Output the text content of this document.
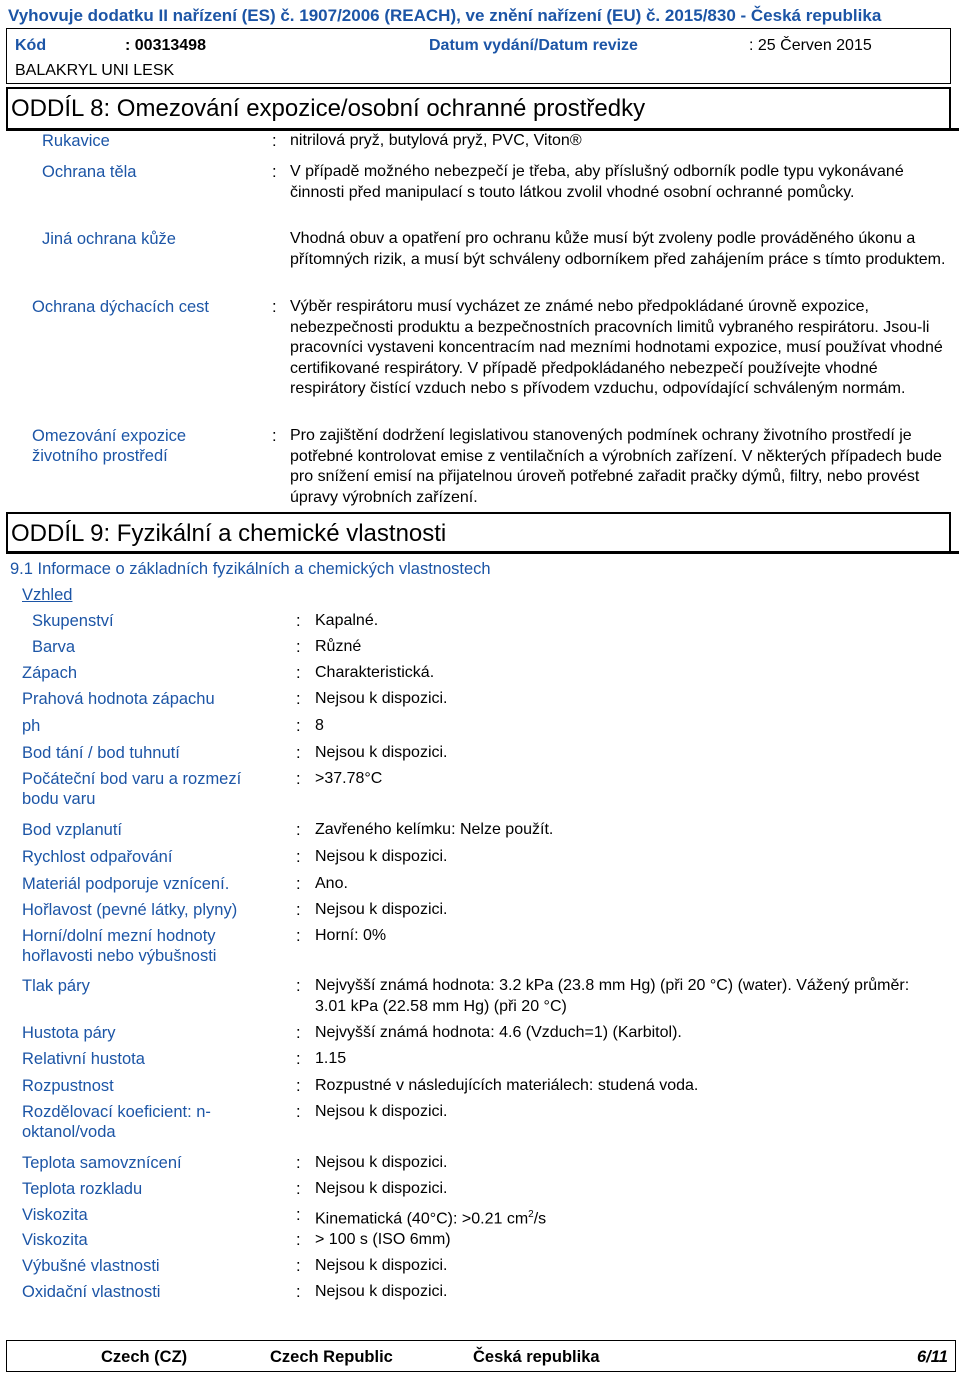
Vyhovuje dodatku II nařízení (ES) č. 1907/2006 (REACH), ve znění nařízení (EU) č. 2015/830 - Česká republika
Kód	: 00313498	Datum vydání/Datum revize	: 25 Červen 2015
BALAKRYL UNI LESK
ODDÍL 8: Omezování expozice/osobní ochranné prostředky
Rukavice	: nitrilová pryž, butylová pryž, PVC, Viton®
Ochrana těla	: V případě možného nebezpečí je třeba, aby příslušný odborník podle typu vykonávané činnosti před manipulací s touto látkou zvolil vhodné osobní ochranné pomůcky.
Jiná ochrana kůže	Vhodná obuv a opatření pro ochranu kůže musí být zvoleny podle prováděného úkonu a přítomných rizik, a musí být schváleny odborníkem před zahájením práce s tímto produktem.
Ochrana dýchacích cest	: Výběr respirátoru musí vycházet ze známé nebo předpokládané úrovně expozice, nebezpečnosti produktu a bezpečnostních pracovních limitů vybraného respirátoru. Jsou-li pracovníci vystaveni koncentracím nad mezními hodnotami expozice, musí používat vhodné certifikované respirátory. V případě předpokládaného nebezpečí používejte vhodné respirátory čistící vzduch nebo s přívodem vzduchu, odpovídající schváleným normám.
Omezování expozice životního prostředí
: Pro zajištění dodržení legislativou stanovených podmínek ochrany životního prostředí je potřebné kontrolovat emise z ventilačních a výrobních zařízení. V některých případech bude pro snížení emisí na přijatelnou úroveň potřebné zařadit pračky dýmů, filtry, nebo provést úpravy výrobních zařízení.
ODDÍL 9: Fyzikální a chemické vlastnosti
9.1 Informace o základních fyzikálních a chemických vlastnostech
Vzhled
Skupenství	: Kapalné.
Barva	: Různé
Zápach	: Charakteristická.
Prahová hodnota zápachu	: Nejsou k dispozici.
ph	: 8
Bod tání / bod tuhnutí	: Nejsou k dispozici.
Počáteční bod varu a rozmezí bodu varu
: >37.78°C
Bod vzplanutí	: Zavřeného kelímku: Nelze použít.
Rychlost odpařování	: Nejsou k dispozici.
Materiál podporuje vznícení.	: Ano.
Hořlavost (pevné látky, plyny)	: Nejsou k dispozici.
Horní/dolní mezní hodnoty hořlavosti nebo výbušnosti
: Horní: 0%
Tlak páry	: Nejvyšší známá hodnota: 3.2 kPa (23.8 mm Hg) (při 20 °C) (water). Vážený průměr: 3.01 kPa (22.58 mm Hg) (při 20 °C)
Hustota páry	: Nejvyšší známá hodnota: 4.6 (Vzduch=1) (Karbitol).
Relativní hustota	: 1.15
Rozpustnost	: Rozpustné v následujících materiálech: studená voda.
Rozdělovací koeficient: n-oktanol/voda
: Nejsou k dispozici.
Teplota samovznícení	: Nejsou k dispozici.
Teplota rozkladu	: Nejsou k dispozici.
Viskozita	: Kinematická (40°C): >0.21 $cm^2/s$
Viskozita	: > 100 s (ISO 6mm)
Výbušné vlastnosti	: Nejsou k dispozici.
Oxidační vlastnosti	: Nejsou k dispozici.
Czech (CZ)	Czech Republic	Česká republika	6/11
